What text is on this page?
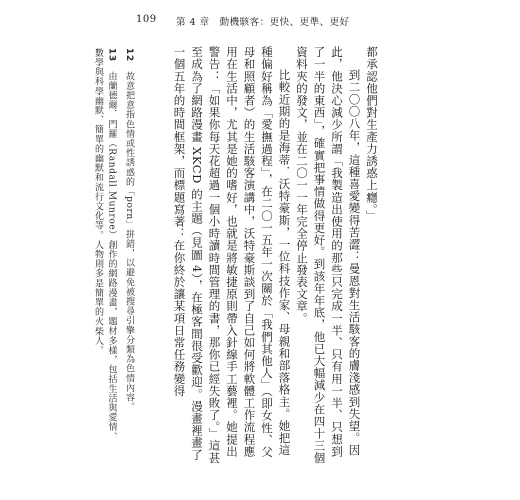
109 第 4 章　動機駭客：更快、更準、更好

都承認他們對生產力誘惑上癮。」

到二〇〇八年，這種喜愛變得苦澀：曼恩對生活駭客的膚淺感到失望。因此，他決心減少所謂「我製造出使用的那些只完成一半、只有用一半、只想到了一半的東西」，確實把事情做得更好。到該年年底，他已大幅減少在四十三個資料夾的發文，並在二〇一一年完全停止發表文章。

比較近期的是海蒂．沃特豪斯，一位科技作家、母親和部落格主。她把這種偏好稱為「愛撫過程」，在二〇一五年一次關於「我們其他人」（即女性、父母和照顧者）的生活駭客演講中，沃特豪斯談到了自己如何將軟體工作流程應用在生活中，尤其是她的嗜好，也就是將敏捷原則帶入針線手工藝裡。她提出警告：「如果你每天花超過一個小時讀時間管理的書，那你已經失敗了。」這甚至成為了網路漫畫 XKCD 的主題（見圖 4），在極客間很受歡迎。漫畫裡畫了一個五年的時間框架，而標題寫著：在你終於讓某項日常任務變得

12　故意把意指色情或性誘惑的「porn」拼錯，以避免被搜尋引擎分類為色情內容。

13　由蘭德爾．門羅（Randall Munroe）創作的網路漫畫，題材多樣，包括生活與愛情、數學與科學幽默、簡單的幽默和流行文化等。人物則多是簡單的火柴人。
